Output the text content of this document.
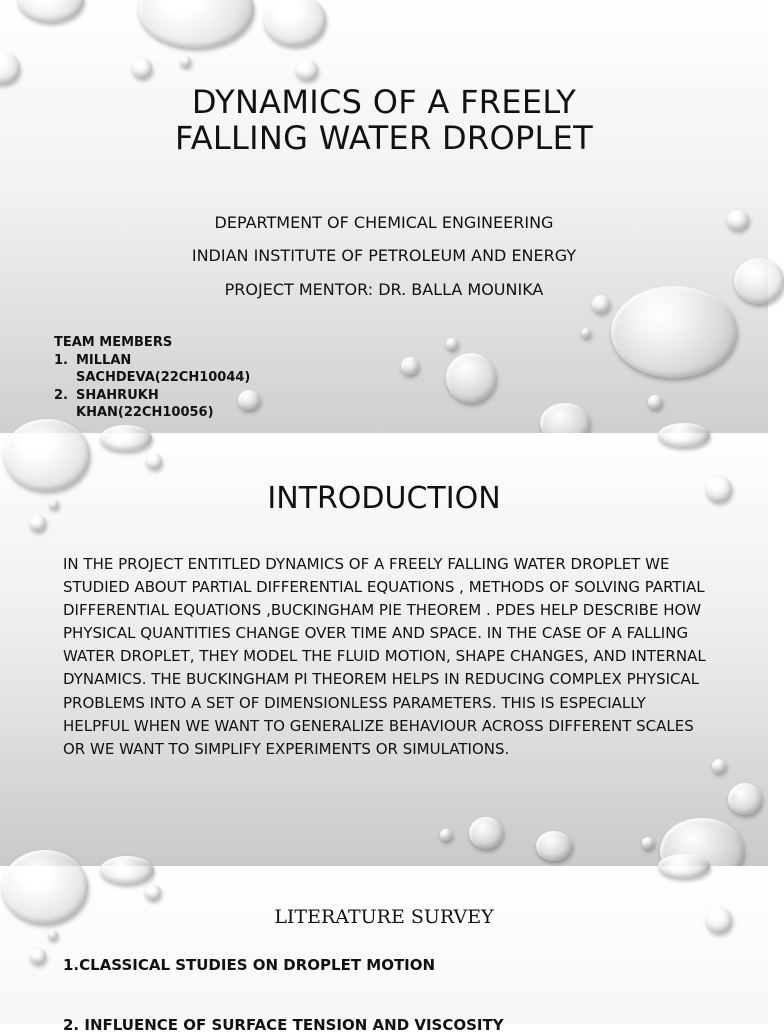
DYNAMICS OF A FREELY
FALLING WATER DROPLET

DEPARTMENT OF CHEMICAL ENGINEERING

INDIAN INSTITUTE OF PETROLEUM AND ENERGY

PROJECT MENTOR: DR. BALLA MOUNIKA

TEAM MEMBERS
1. MILLAN
SACHDEVA(22CH10044)
2. SHAHRUKH
KHAN(22CH10056)
INTRODUCTION

IN THE PROJECT ENTITLED DYNAMICS OF A FREELY FALLING WATER DROPLET WE STUDIED ABOUT PARTIAL DIFFERENTIAL EQUATIONS , METHODS OF SOLVING PARTIAL DIFFERENTIAL EQUATIONS ,BUCKINGHAM PIE THEOREM . PDES HELP DESCRIBE HOW PHYSICAL QUANTITIES CHANGE OVER TIME AND SPACE. IN THE CASE OF A FALLING WATER DROPLET, THEY MODEL THE FLUID MOTION, SHAPE CHANGES, AND INTERNAL DYNAMICS. THE BUCKINGHAM PI THEOREM HELPS IN REDUCING COMPLEX PHYSICAL PROBLEMS INTO A SET OF DIMENSIONLESS PARAMETERS. THIS IS ESPECIALLY HELPFUL WHEN WE WANT TO GENERALIZE BEHAVIOUR ACROSS DIFFERENT SCALES OR WE WANT TO SIMPLIFY EXPERIMENTS OR SIMULATIONS.

LITERATURE SURVEY

1.CLASSICAL STUDIES ON DROPLET MOTION

2. INFLUENCE OF SURFACE TENSION AND VISCOSITY
